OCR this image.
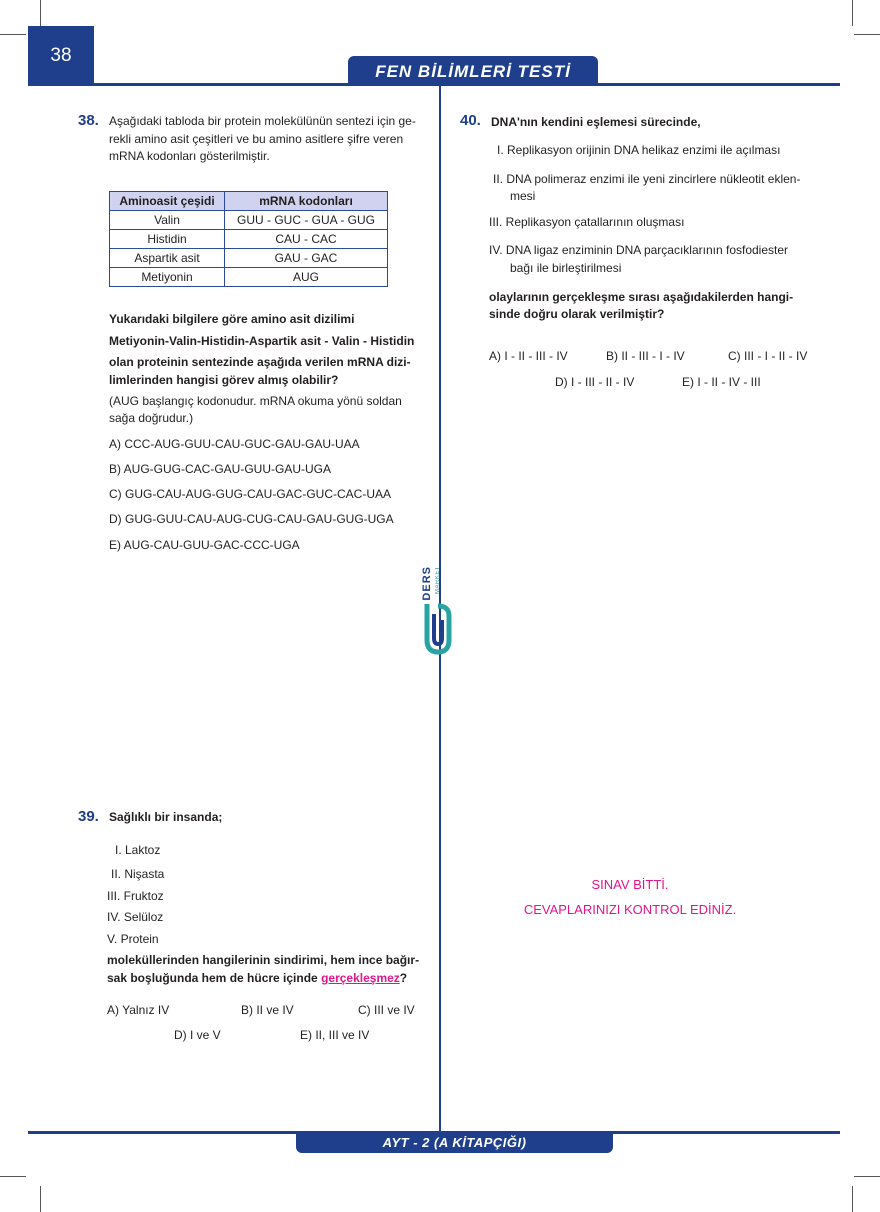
38
FEN BİLİMLERİ TESTİ
38. Aşağıdaki tabloda bir protein molekülünün sentezi için ge-
rekli amino asit çeşitleri ve bu amino asitlere şifre veren
mRNA kodonları gösterilmiştir.
Aminoasit çeşidi	mRNA kodonları
Valin	GUU - GUC - GUA - GUG
Histidin	CAU - CAC
Aspartik asit	GAU - GAC
Metiyonin	AUG
Yukarıdaki bilgilere göre amino asit dizilimi
Metiyonin-Valin-Histidin-Aspartik asit - Valin - Histidin
olan proteinin sentezinde aşağıda verilen mRNA dizi-
limlerinden hangisi görev almış olabilir?
(AUG başlangıç kodonudur. mRNA okuma yönü soldan
sağa doğrudur.)
A) CCC-AUG-GUU-CAU-GUC-GAU-GAU-UAA
B) AUG-GUG-CAC-GAU-GUU-GAU-UGA
C) GUG-CAU-AUG-GUG-CAU-GAC-GUC-CAC-UAA
D) GUG-GUU-CAU-AUG-CUG-CAU-GAU-GUG-UGA
E) AUG-CAU-GUU-GAC-CCC-UGA
DERS MARKET
39. Sağlıklı bir insanda;
I. Laktoz
II. Nişasta
III. Fruktoz
IV. Selüloz
V. Protein
moleküllerinden hangilerinin sindirimi, hem ince bağır-
sak boşluğunda hem de hücre içinde gerçekleşmez?
A) Yalnız IV	B) II ve IV	C) III ve IV
D) I ve V	E) II, III ve IV
40. DNA'nın kendini eşlemesi sürecinde,
I. Replikasyon orijinin DNA helikaz enzimi ile açılması
II. DNA polimeraz enzimi ile yeni zincirlere nükleotit eklen-
mesi
III. Replikasyon çatallarının oluşması
IV. DNA ligaz enziminin DNA parçacıklarının fosfodiester
bağı ile birleştirilmesi
olaylarının gerçekleşme sırası aşağıdakilerden hangi-
sinde doğru olarak verilmiştir?
A) I - II - III - IV	B) II - III - I - IV	C) III - I - II - IV
D) I - III - II - IV	E) I - II - IV - III
SINAV BİTTİ.
CEVAPLARINIZI KONTROL EDİNİZ.
AYT - 2 (A KİTAPÇIĞI)
